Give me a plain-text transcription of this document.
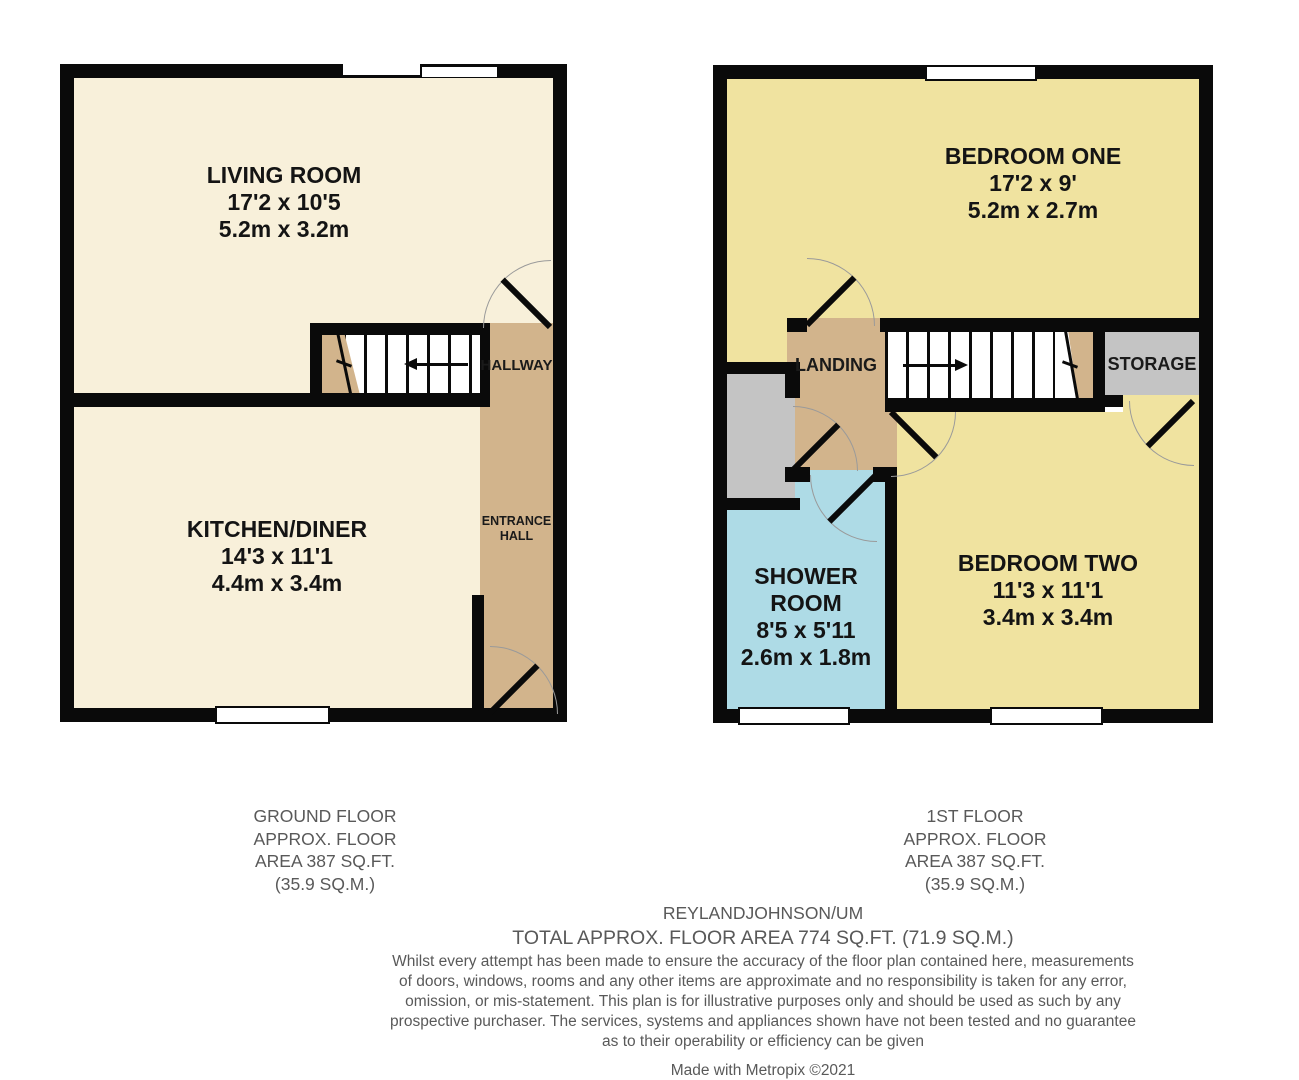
LIVING ROOM
17'2 x 10'5
5.2m x 3.2m
KITCHEN/DINER
14'3 x 11'1
4.4m x 3.4m
HALLWAY
ENTRANCE
HALL
BEDROOM ONE
17'2 x 9'
5.2m x 2.7m
BEDROOM TWO
11'3 x 11'1
3.4m x 3.4m
SHOWER
ROOM
8'5 x 5'11
2.6m x 1.8m
LANDING	STORAGE
GROUND FLOOR
APPROX. FLOOR
AREA 387 SQ.FT.
(35.9 SQ.M.)
1ST FLOOR
APPROX. FLOOR
AREA 387 SQ.FT.
(35.9 SQ.M.)
REYLANDJOHNSON/UM
TOTAL APPROX. FLOOR AREA 774 SQ.FT. (71.9 SQ.M.)
Whilst every attempt has been made to ensure the accuracy of the floor plan contained here, measurements
of doors, windows, rooms and any other items are approximate and no responsibility is taken for any error,
omission, or mis-statement. This plan is for illustrative purposes only and should be used as such by any
prospective purchaser. The services, systems and appliances shown have not been tested and no guarantee
as to their operability or efficiency can be given
Made with Metropix ©2021
